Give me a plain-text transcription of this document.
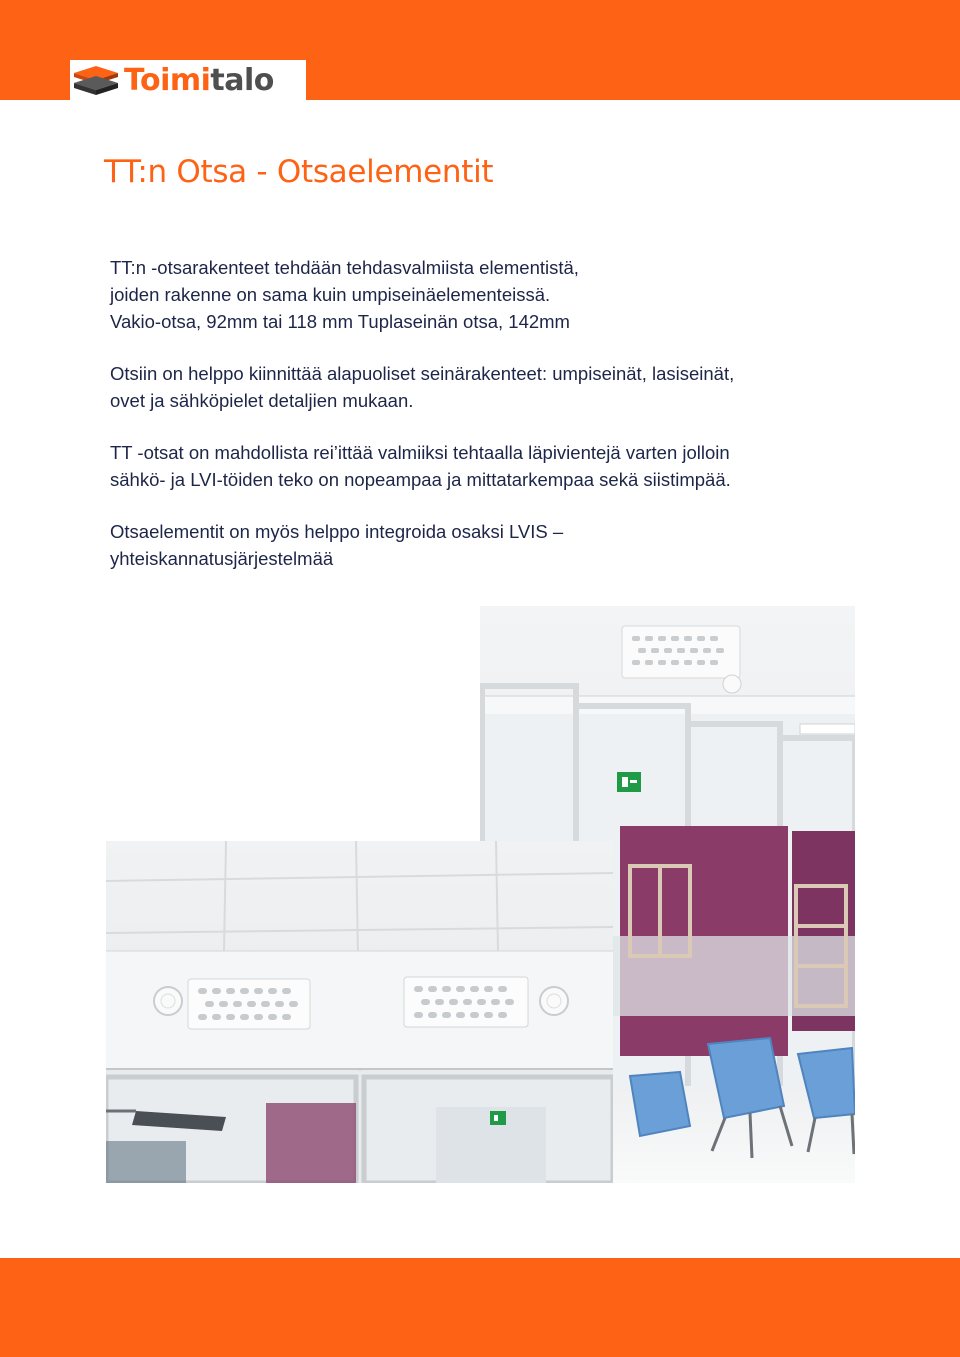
Toimitalo
TT:n Otsa - Otsaelementit

TT:n -otsarakenteet tehdään tehdasvalmiista elementistä,
joiden rakenne on sama kuin umpiseinäelementeissä.
Vakio-otsa, 92mm tai 118 mm Tuplaseinän otsa, 142mm

Otsiin on helppo kiinnittää alapuoliset seinärakenteet: umpiseinät, lasiseinät,
ovet ja sähköpielet detaljien mukaan.

TT -otsat on mahdollista rei’ittää valmiiksi tehtaalla läpivientejä varten jolloin
sähkö- ja LVI-töiden teko on nopeampaa ja mittatarkempaa sekä siistimpää.

Otsaelementit on myös helppo integroida osaksi LVIS –
yhteiskannatusjärjestelmää
